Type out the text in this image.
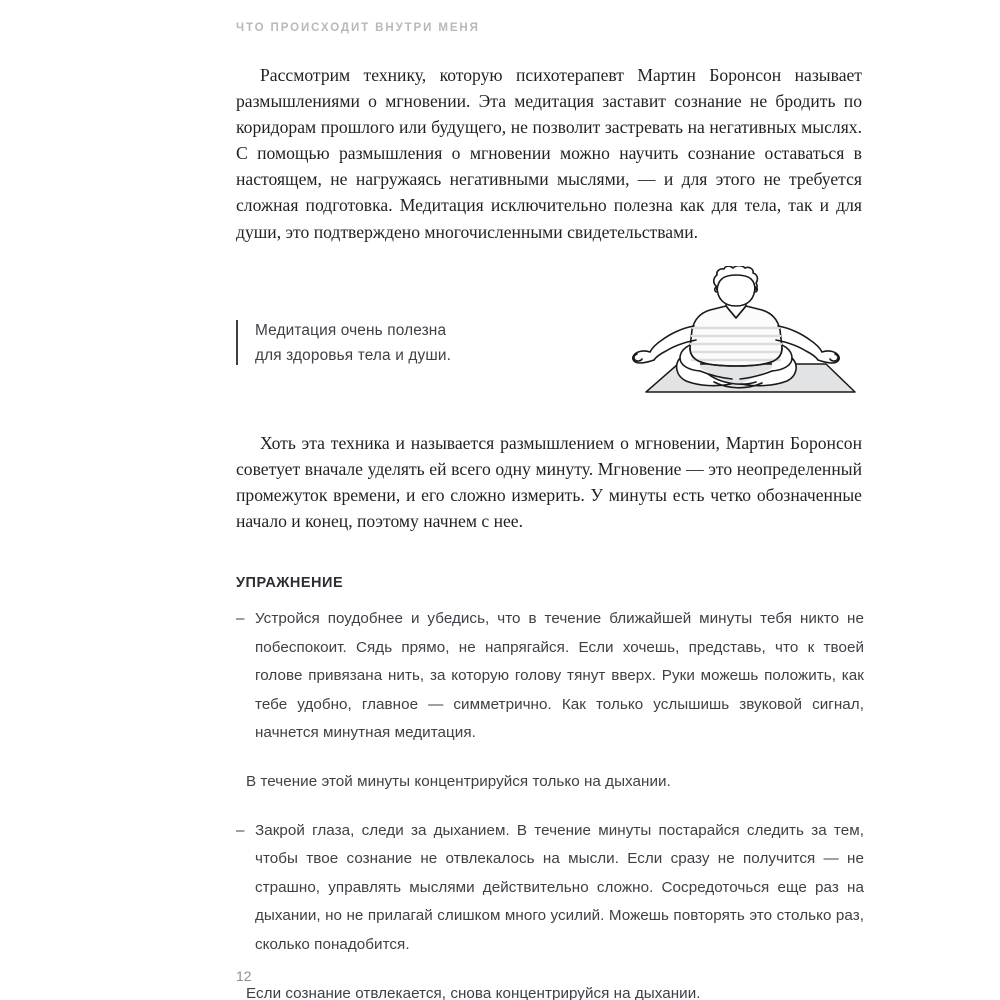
ЧТО ПРОИСХОДИТ ВНУТРИ МЕНЯ

Рассмотрим технику, которую психотерапевт Мартин Боронсон называет размышлениями о мгновении. Эта медитация заставит сознание не бродить по коридорам прошлого или будущего, не позволит застревать на негативных мыслях. С помощью размышления о мгновении можно научить сознание оставаться в настоящем, не нагружаясь негативными мыслями, — и для этого не требуется сложная подготовка. Медитация исключительно полезна как для тела, так и для души, это подтверждено многочисленными свидетельствами.

Медитация очень полезна
для здоровья тела и души.

Хоть эта техника и называется размышлением о мгновении, Мартин Боронсон советует вначале уделять ей всего одну минуту. Мгновение — это неопределенный промежуток времени, и его сложно измерить. У минуты есть четко обозначенные начало и конец, поэтому начнем с нее.

УПРАЖНЕНИЕ
– Устройся поудобнее и убедись, что в течение ближайшей минуты тебя никто не побеспокоит. Сядь прямо, не напрягайся. Если хочешь, представь, что к твоей голове привязана нить, за которую голову тянут вверх. Руки можешь положить, как тебе удобно, главное — симметрично. Как только услышишь звуковой сигнал, начнется минутная медитация.
В течение этой минуты концентрируйся только на дыхании.
– Закрой глаза, следи за дыханием. В течение минуты постарайся следить за тем, чтобы твое сознание не отвлекалось на мысли. Если сразу не получится — не страшно, управлять мыслями действительно сложно. Сосредоточься еще раз на дыхании, но не прилагай слишком много усилий. Можешь повторять это столько раз, сколько понадобится.
Если сознание отвлекается, снова концентрируйся на дыхании.
12
